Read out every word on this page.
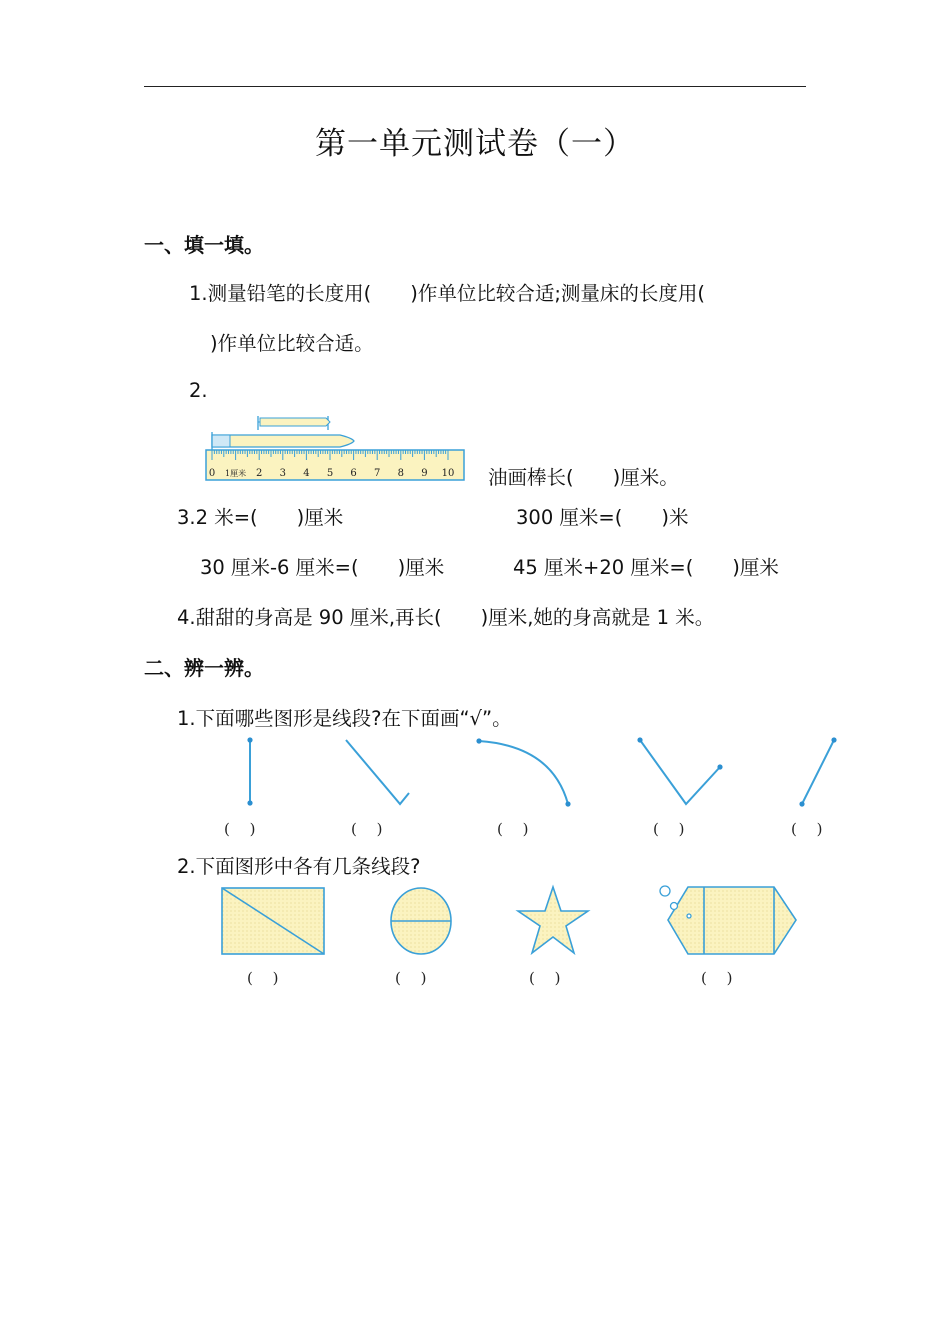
第一单元测试卷（一）
一、填一填。
1.测量铅笔的长度用(　　)作单位比较合适;测量床的长度用(
)作单位比较合适。
2.
0 1厘米 2 3 4 5 6 7 8 9 10 油画棒长(　　)厘米。
3.2 米=(　　)厘米	300 厘米=(　　)米
30 厘米-6 厘米=(　　)厘米	45 厘米+20 厘米=(　　)厘米
4.甜甜的身高是 90 厘米,再长(　　)厘米,她的身高就是 1 米。
二、辨一辨。
1.下面哪些图形是线段?在下面画“√”。
(　 )	(　 )	(　 )	(　 )	(　 )
2.下面图形中各有几条线段?
(　 )	(　 )	(　 )	(　 )
